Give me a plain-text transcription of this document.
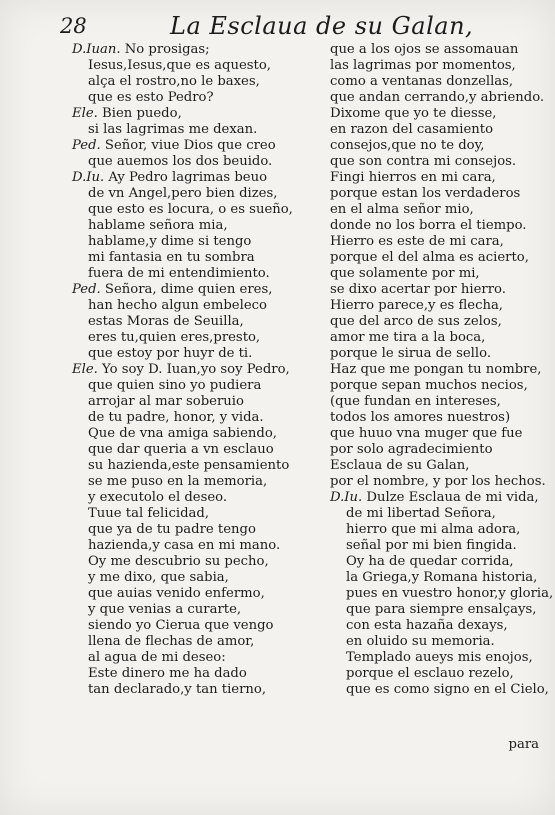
28	La Esclaua de su Galan,
D.Iuan. No prosigas;
Iesus,Iesus,que es aquesto,
alça el rostro,no le baxes,
que es esto Pedro?
Ele. Bien puedo,
si las lagrimas me dexan.
Ped. Señor, viue Dios que creo
que auemos los dos beuido.
D.Iu. Ay Pedro lagrimas beuo
de vn Angel,pero bien dizes,
que esto es locura, o es sueño,
hablame señora mia,
hablame,y dime si tengo
mi fantasia en tu sombra
fuera de mi entendimiento.
Ped. Señora, dime quien eres,
han hecho algun embeleco
estas Moras de Seuilla,
eres tu,quien eres,presto,
que estoy por huyr de ti.
Ele. Yo soy D. Iuan,yo soy Pedro,
que quien sino yo pudiera
arrojar al mar soberuio
de tu padre, honor, y vida.
Que de vna amiga sabiendo,
que dar queria a vn esclauo
su hazienda,este pensamiento
se me puso en la memoria,
y executolo el deseo.
Tuue tal felicidad,
que ya de tu padre tengo
hazienda,y casa en mi mano.
Oy me descubrio su pecho,
y me dixo, que sabia,
que auias venido enfermo,
y que venias a curarte,
siendo yo Cierua que vengo
llena de flechas de amor,
al agua de mi deseo:
Este dinero me ha dado
tan declarado,y tan tierno,
que a los ojos se assomauan
las lagrimas por momentos,
como a ventanas donzellas,
que andan cerrando,y abriendo.
Dixome que yo te diesse,
en razon del casamiento
consejos,que no te doy,
que son contra mi consejos.
Fingi hierros en mi cara,
porque estan los verdaderos
en el alma señor mio,
donde no los borra el tiempo.
Hierro es este de mi cara,
porque el del alma es acierto,
que solamente por mi,
se dixo acertar por hierro.
Hierro parece,y es flecha,
que del arco de sus zelos,
amor me tira a la boca,
porque le sirua de sello.
Haz que me pongan tu nombre,
porque sepan muchos necios,
(que fundan en intereses,
todos los amores nuestros)
que huuo vna muger que fue
por solo agradecimiento
Esclaua de su Galan,
por el nombre, y por los hechos.
D.Iu. Dulze Esclaua de mi vida,
de mi libertad Señora,
hierro que mi alma adora,
señal por mi bien fingida.
Oy ha de quedar corrida,
la Griega,y Romana historia,
pues en vuestro honor,y gloria,
que para siempre ensalçays,
con esta hazaña dexays,
en oluido su memoria.
Templado aueys mis enojos,
porque el esclauo rezelo,
que es como signo en el Cielo,
para
